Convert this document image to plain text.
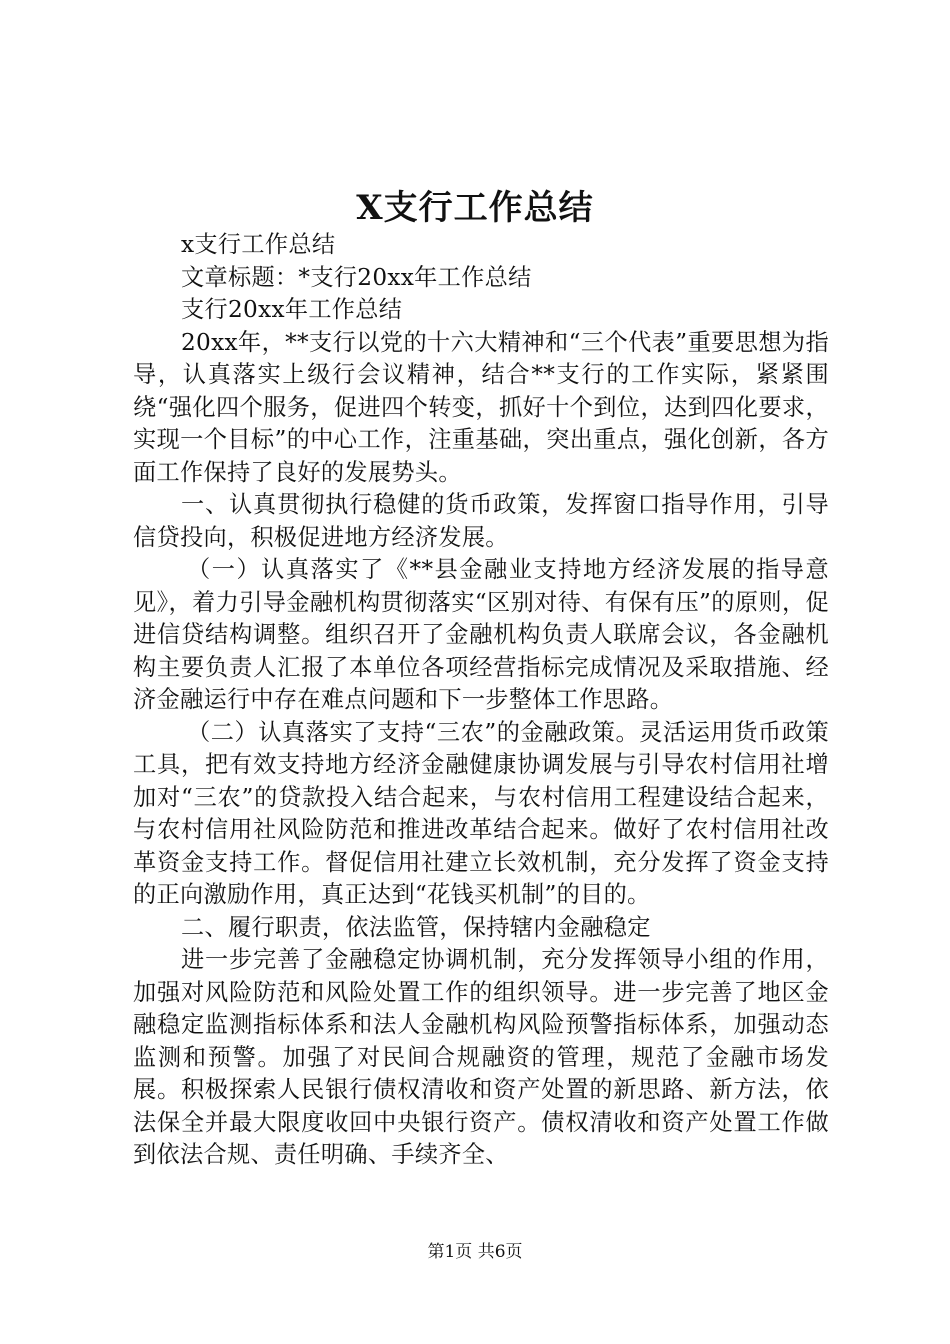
X支行工作总结

x支行工作总结

文章标题：*支行20xx年工作总结

支行20xx年工作总结

20xx年，**支行以党的十六大精神和“三个代表”重要思想为指导，认真落实上级行会议精神，结合**支行的工作实际，紧紧围绕“强化四个服务，促进四个转变，抓好十个到位，达到四化要求，实现一个目标”的中心工作，注重基础，突出重点，强化创新，各方面工作保持了良好的发展势头。

一、认真贯彻执行稳健的货币政策，发挥窗口指导作用，引导信贷投向，积极促进地方经济发展。

（一）认真落实了《**县金融业支持地方经济发展的指导意见》，着力引导金融机构贯彻落实“区别对待、有保有压”的原则，促进信贷结构调整。组织召开了金融机构负责人联席会议，各金融机构主要负责人汇报了本单位各项经营指标完成情况及采取措施、经济金融运行中存在难点问题和下一步整体工作思路。

（二）认真落实了支持“三农”的金融政策。灵活运用货币政策工具，把有效支持地方经济金融健康协调发展与引导农村信用社增加对“三农”的贷款投入结合起来，与农村信用工程建设结合起来，与农村信用社风险防范和推进改革结合起来。做好了农村信用社改革资金支持工作。督促信用社建立长效机制，充分发挥了资金支持的正向激励作用，真正达到“花钱买机制”的目的。

二、履行职责，依法监管，保持辖内金融稳定

进一步完善了金融稳定协调机制，充分发挥领导小组的作用，加强对风险防范和风险处置工作的组织领导。进一步完善了地区金融稳定监测指标体系和法人金融机构风险预警指标体系，加强动态监测和预警。加强了对民间合规融资的管理，规范了金融市场发展。积极探索人民银行债权清收和资产处置的新思路、新方法，依法保全并最大限度收回中央银行资产。债权清收和资产处置工作做到依法合规、责任明确、手续齐全、

第1页 共6页
